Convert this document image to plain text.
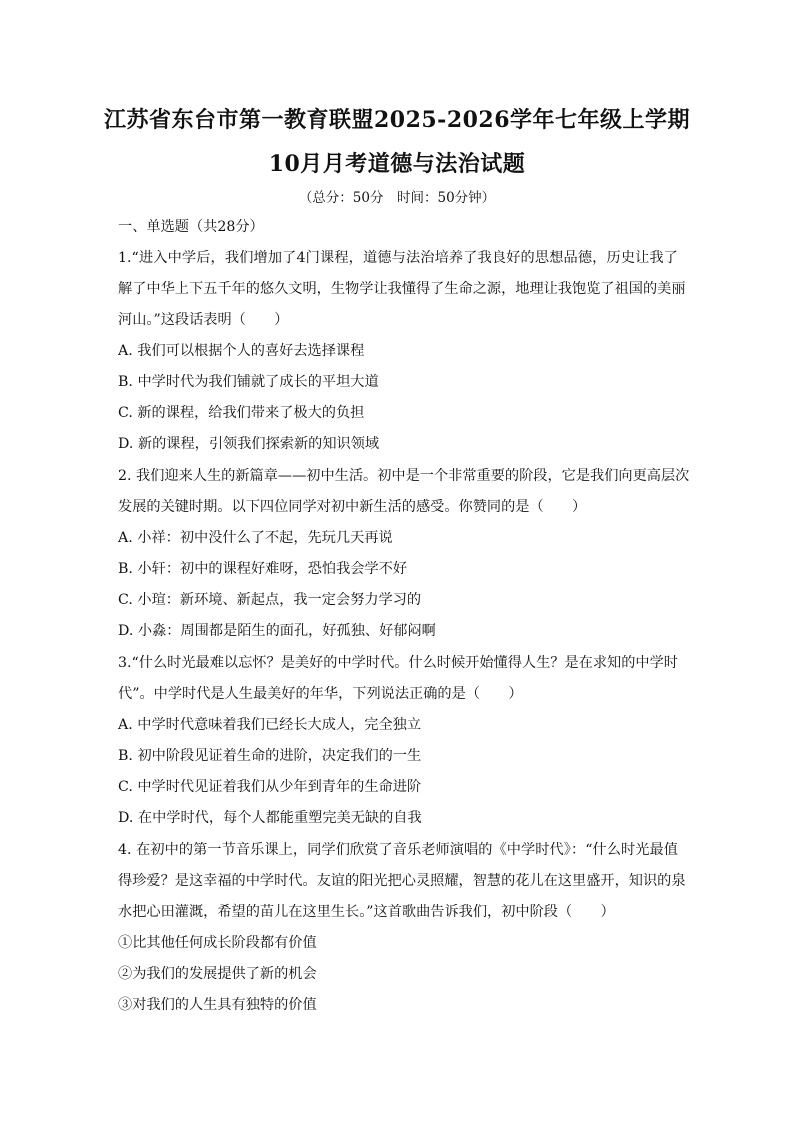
江苏省东台市第一教育联盟2025-2026学年七年级上学期
10月月考道德与法治试题
（总分：50分　时间：50分钟）
一、单选题（共28分）
1.“进入中学后，我们增加了4门课程，道德与法治培养了我良好的思想品德，历史让我了
解了中华上下五千年的悠久文明，生物学让我懂得了生命之源，地理让我饱览了祖国的美丽
河山。”这段话表明（　　）
A. 我们可以根据个人的喜好去选择课程
B. 中学时代为我们铺就了成长的平坦大道
C. 新的课程，给我们带来了极大的负担
D. 新的课程，引领我们探索新的知识领域
2. 我们迎来人生的新篇章——初中生活。初中是一个非常重要的阶段，它是我们向更高层次
发展的关键时期。以下四位同学对初中新生活的感受。你赞同的是（　　）
A. 小祥：初中没什么了不起，先玩几天再说
B. 小轩：初中的课程好难呀，恐怕我会学不好
C. 小瑄：新环境、新起点，我一定会努力学习的
D. 小淼：周围都是陌生的面孔，好孤独、好郁闷啊
3.“什么时光最难以忘怀？是美好的中学时代。什么时候开始懂得人生？是在求知的中学时
代”。中学时代是人生最美好的年华，下列说法正确的是（　　）
A. 中学时代意味着我们已经长大成人，完全独立
B. 初中阶段见证着生命的进阶，决定我们的一生
C. 中学时代见证着我们从少年到青年的生命进阶
D. 在中学时代，每个人都能重塑完美无缺的自我
4. 在初中的第一节音乐课上，同学们欣赏了音乐老师演唱的《中学时代》：“什么时光最值
得珍爱？是这幸福的中学时代。友谊的阳光把心灵照耀，智慧的花儿在这里盛开，知识的泉
水把心田灌溉，希望的苗儿在这里生长。”这首歌曲告诉我们，初中阶段（　　）
①比其他任何成长阶段都有价值
②为我们的发展提供了新的机会
③对我们的人生具有独特的价值
